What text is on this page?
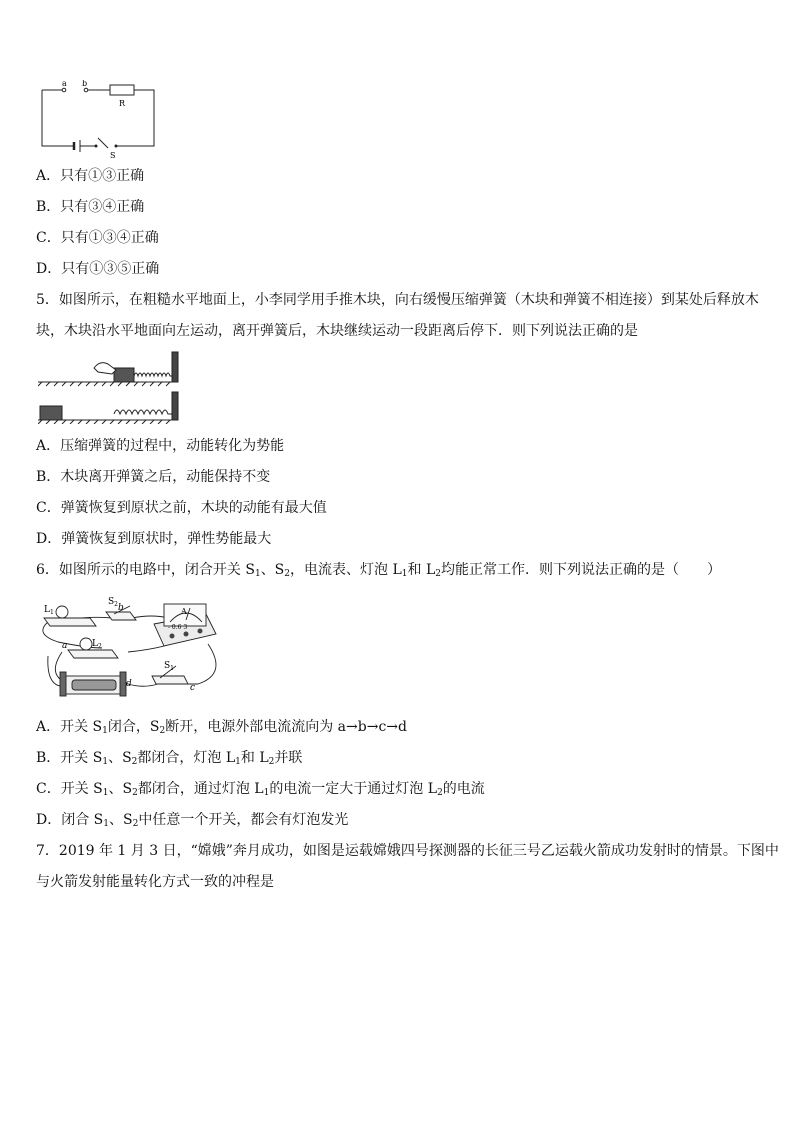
a b
R
S
A．只有①③正确
B．只有③④正确
C．只有①③④正确
D．只有①③⑤正确
5．如图所示，在粗糙水平地面上，小李同学用手推木块，向右缓慢压缩弹簧（木块和弹簧不相连接）到某处后释放木
块，木块沿水平地面向左运动，离开弹簧后，木块继续运动一段距离后停下．则下列说法正确的是
A．压缩弹簧的过程中，动能转化为势能
B．木块离开弹簧之后，动能保持不变
C．弹簧恢复到原状之前，木块的动能有最大值
D．弹簧恢复到原状时，弹性势能最大
6．如图所示的电路中，闭合开关 $S_1$、$S_2$，电流表、灯泡 $L_1$和 $L_2$均能正常工作．则下列说法正确的是（　　）
$L_1$
$S_2$
$L_2$
$S_1$
a
b
c
d
A
- 0.6 3
A．开关 $S_1$闭合，$S_2$断开，电源外部电流流向为 a→b→c→d
B．开关 $S_1$、$S_2$都闭合，灯泡 $L_1$和 $L_2$并联
C．开关 $S_1$、$S_2$都闭合，通过灯泡 $L_1$的电流一定大于通过灯泡 $L_2$的电流
D．闭合 $S_1$、$S_2$中任意一个开关，都会有灯泡发光
7．2019 年 1 月 3 日，“嫦娥”奔月成功，如图是运载嫦娥四号探测器的长征三号乙运载火箭成功发射时的情景。下图中
与火箭发射能量转化方式一致的冲程是
